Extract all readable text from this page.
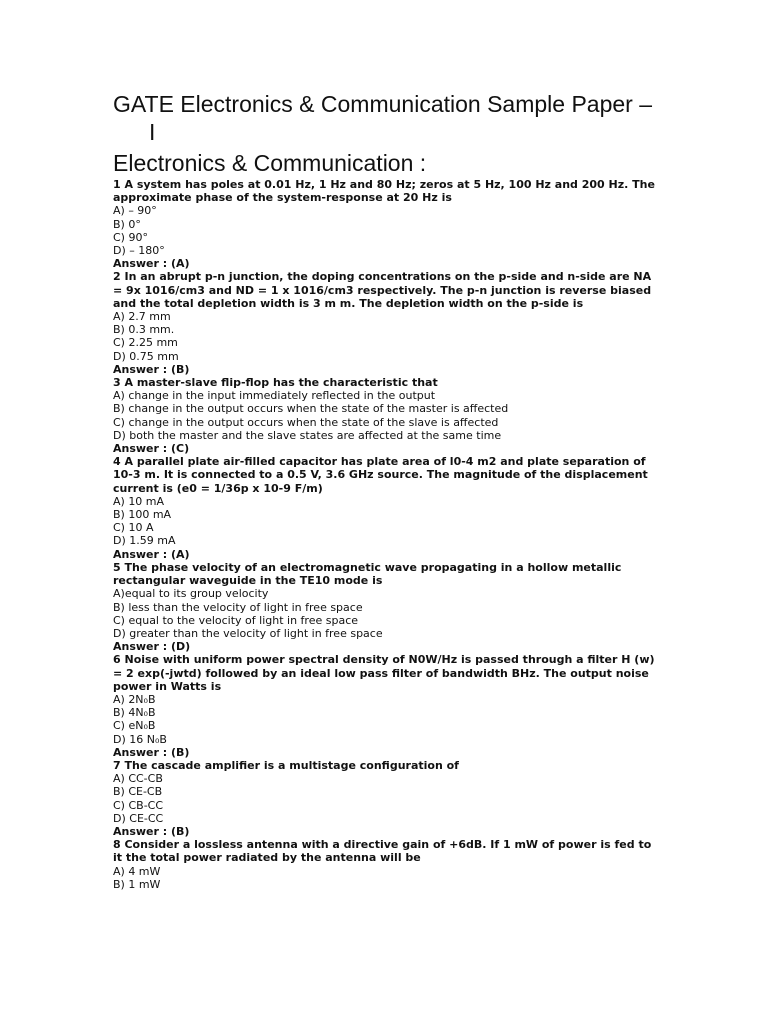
GATE Electronics & Communication Sample Paper –
I
Electronics & Communication :
1 A system has poles at 0.01 Hz, 1 Hz and 80 Hz; zeros at 5 Hz, 100 Hz and 200 Hz. The approximate phase of the system-response at 20 Hz is
A) – 90°
B) 0°
C) 90°
D) – 180°
Answer : (A)
2 In an abrupt p-n junction, the doping concentrations on the p-side and n-side are NA = 9x 1016/cm3 and ND = 1 x 1016/cm3 respectively. The p-n junction is reverse biased and the total depletion width is 3 m m. The depletion width on the p-side is
A) 2.7 mm
B) 0.3 mm.
C) 2.25 mm
D) 0.75 mm
Answer : (B)
3 A master-slave flip-flop has the characteristic that
A) change in the input immediately reflected in the output
B) change in the output occurs when the state of the master is affected
C) change in the output occurs when the state of the slave is affected
D) both the master and the slave states are affected at the same time
Answer : (C)
4 A parallel plate air-filled capacitor has plate area of l0-4 m2 and plate separation of 10-3 m. It is connected to a 0.5 V, 3.6 GHz source. The magnitude of the displacement current is (e0 = 1/36p x 10-9 F/m)
A) 10 mA
B) 100 mA
C) 10 A
D) 1.59 mA
Answer : (A)
5 The phase velocity of an electromagnetic wave propagating in a hollow metallic rectangular waveguide in the TE10 mode is
A)equal to its group velocity
B) less than the velocity of light in free space
C) equal to the velocity of light in free space
D) greater than the velocity of light in free space
Answer : (D)
6 Noise with uniform power spectral density of N0W/Hz is passed through a filter H (w) = 2 exp(-jwtd) followed by an ideal low pass filter of bandwidth BHz. The output noise power in Watts is
A) 2N₀B
B) 4N₀B
C) eN₀B
D) 16 N₀B
Answer : (B)
7 The cascade amplifier is a multistage configuration of
A) CC-CB
B) CE-CB
C) CB-CC
D) CE-CC
Answer : (B)
8 Consider a lossless antenna with a directive gain of +6dB. If 1 mW of power is fed to it the total power radiated by the antenna will be
A) 4 mW
B) 1 mW
